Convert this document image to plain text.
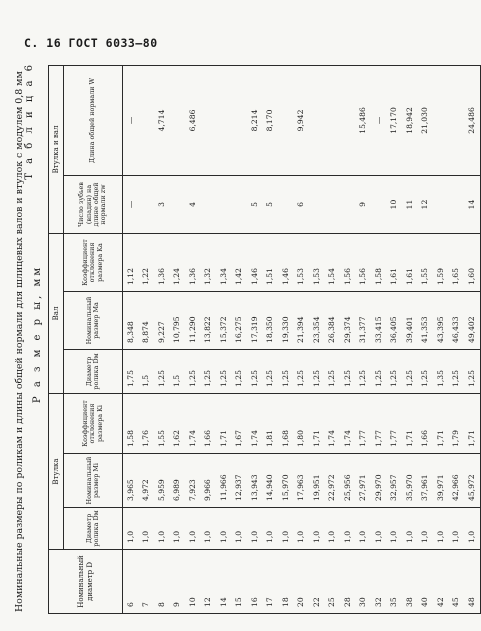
С. 16 ГОСТ 6033—80
Номинальные размеры по роликам и длины общей нормали для шлицевых валов и втулок с модулем 0,8 мм Т а б л и ц а 6
Р а з м е р ы, мм
Номинальный диаметр D	Втулка			Вал			Втулка и вал	
	Диаметр ролика Dм	Номинальный размер Mi	Коэффициент отклонения размера Ki	Диаметр ролика Dм	Номинальный размер Ma	Коэффициент отклонения размера Ka	Число зубьев (впадин) на длине общей нормали zw	Длина общей нормали W
6	1,0	3,965	1,58	1,75	8,348	1,12	—	—
7	1,0	4,972	1,76	1,5	8,874	1,22		
8	1,0	5,959	1,55	1,25	9,227	1,36	3	4,714
9	1,0	6,989	1,62	1,5	10,795	1,24		
10	1,0	7,923	1,74	1,25	11,290	1,36	4	6,486
12	1,0	9,966	1,66	1,25	13,822	1,32		
14	1,0	11,966	1,71	1,25	15,372	1,34		
15	1,0	12,937	1,67	1,25	16,275	1,42		
16	1,0	13,943	1,74	1,25	17,319	1,46	5	8,214
17	1,0	14,940	1,81	1,25	18,350	1,51	5	8,170
18	1,0	15,970	1,68	1,25	19,330	1,46		
20	1,0	17,963	1,80	1,25	21,394	1,53	6	9,942
22	1,0	19,951	1,71	1,25	23,354	1,53		
25	1,0	22,972	1,74	1,25	26,384	1,54		
28	1,0	25,956	1,74	1,25	29,374	1,56		
30	1,0	27,971	1,77	1,25	31,377	1,56	9	15,486
32	1,0	29,970	1,77	1,25	33,415	1,58		—
35	1,0	32,957	1,77	1,25	36,405	1,61	10	17,170
38	1,0	35,970	1,71	1,25	39,401	1,61	11	18,942
40	1,0	37,961	1,66	1,25	41,353	1,55	12	21,030
42	1,0	39,971	1,71	1,35	43,395	1,59		
45	1,0	42,966	1,79	1,25	46,433	1,65		
48	1,0	45,972	1,71	1,25	49,402	1,60	14	24,486
